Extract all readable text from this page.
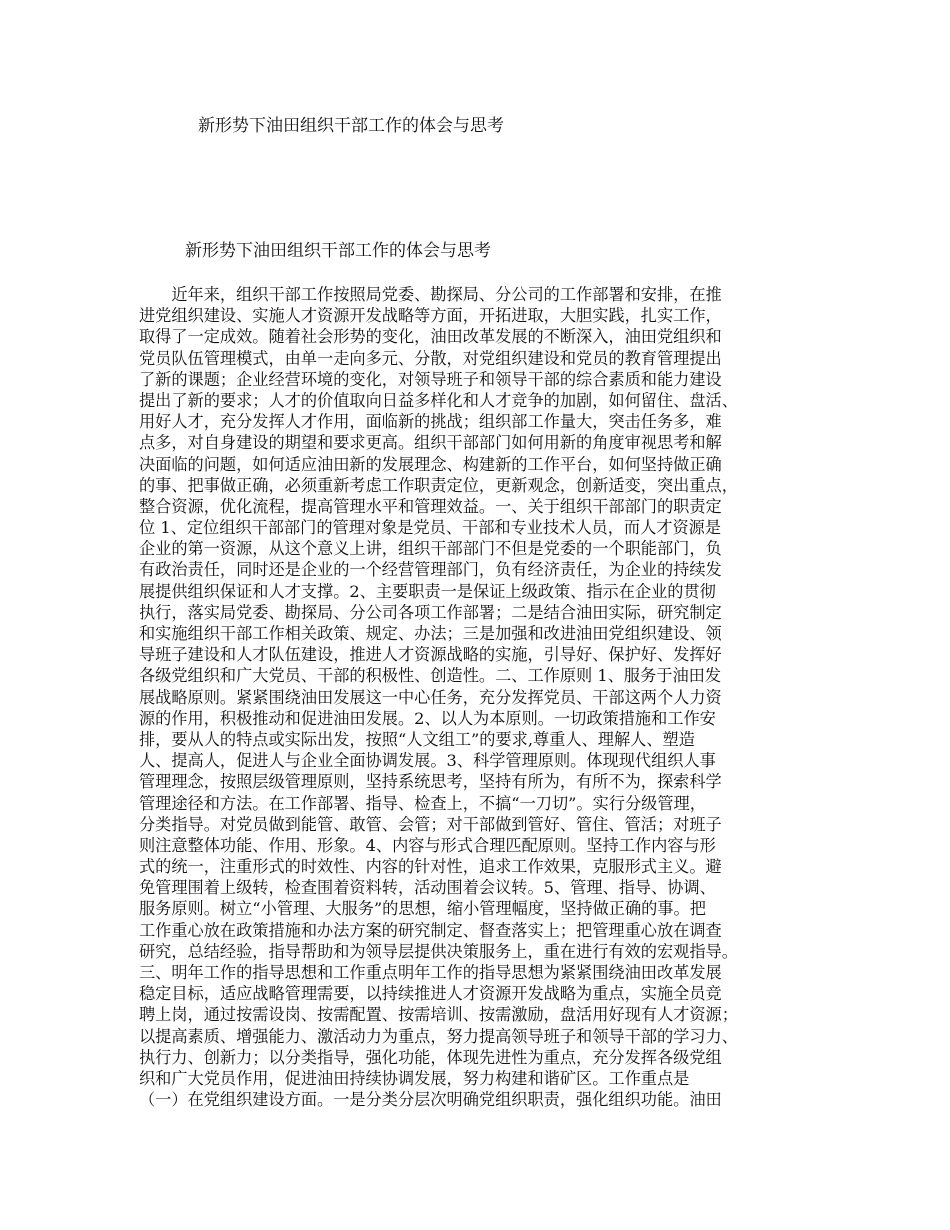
新形势下油田组织干部工作的体会与思考
新形势下油田组织干部工作的体会与思考
　　近年来，组织干部工作按照局党委、勘探局、分公司的工作部署和安排，在推
进党组织建设、实施人才资源开发战略等方面，开拓进取，大胆实践，扎实工作，
取得了一定成效。随着社会形势的变化，油田改革发展的不断深入，油田党组织和
党员队伍管理模式，由单一走向多元、分散，对党组织建设和党员的教育管理提出
了新的课题；企业经营环境的变化，对领导班子和领导干部的综合素质和能力建设
提出了新的要求；人才的价值取向日益多样化和人才竞争的加剧，如何留住、盘活、
用好人才，充分发挥人才作用，面临新的挑战；组织部工作量大，突击任务多，难
点多，对自身建设的期望和要求更高。组织干部部门如何用新的角度审视思考和解
决面临的问题，如何适应油田新的发展理念、构建新的工作平台，如何坚持做正确
的事、把事做正确，必须重新考虑工作职责定位，更新观念，创新适变，突出重点，
整合资源，优化流程，提高管理水平和管理效益。一、关于组织干部部门的职责定
位 1、定位组织干部部门的管理对象是党员、干部和专业技术人员，而人才资源是
企业的第一资源，从这个意义上讲，组织干部部门不但是党委的一个职能部门，负
有政治责任，同时还是企业的一个经营管理部门，负有经济责任，为企业的持续发
展提供组织保证和人才支撑。2、主要职责一是保证上级政策、指示在企业的贯彻
执行，落实局党委、勘探局、分公司各项工作部署；二是结合油田实际，研究制定
和实施组织干部工作相关政策、规定、办法；三是加强和改进油田党组织建设、领
导班子建设和人才队伍建设，推进人才资源战略的实施，引导好、保护好、发挥好
各级党组织和广大党员、干部的积极性、创造性。二、工作原则 1、服务于油田发
展战略原则。紧紧围绕油田发展这一中心任务，充分发挥党员、干部这两个人力资
源的作用，积极推动和促进油田发展。2、以人为本原则。一切政策措施和工作安
排，要从人的特点或实际出发，按照“人文组工”的要求,尊重人、理解人、塑造
人、提高人，促进人与企业全面协调发展。3、科学管理原则。体现现代组织人事
管理理念，按照层级管理原则，坚持系统思考，坚持有所为，有所不为，探索科学
管理途径和方法。在工作部署、指导、检查上，不搞“一刀切”。实行分级管理，
分类指导。对党员做到能管、敢管、会管；对干部做到管好、管住、管活；对班子
则注意整体功能、作用、形象。4、内容与形式合理匹配原则。坚持工作内容与形
式的统一，注重形式的时效性、内容的针对性，追求工作效果，克服形式主义。避
免管理围着上级转，检查围着资料转，活动围着会议转。5、管理、指导、协调、
服务原则。树立“小管理、大服务”的思想，缩小管理幅度，坚持做正确的事。把
工作重心放在政策措施和办法方案的研究制定、督查落实上；把管理重心放在调查
研究，总结经验，指导帮助和为领导层提供决策服务上，重在进行有效的宏观指导。
三、明年工作的指导思想和工作重点明年工作的指导思想为紧紧围绕油田改革发展
稳定目标，适应战略管理需要，以持续推进人才资源开发战略为重点，实施全员竞
聘上岗，通过按需设岗、按需配置、按需培训、按需激励，盘活用好现有人才资源；
以提高素质、增强能力、激活动力为重点，努力提高领导班子和领导干部的学习力、
执行力、创新力；以分类指导，强化功能，体现先进性为重点，充分发挥各级党组
织和广大党员作用，促进油田持续协调发展，努力构建和谐矿区。工作重点是
（一）在党组织建设方面。一是分类分层次明确党组织职责，强化组织功能。油田
